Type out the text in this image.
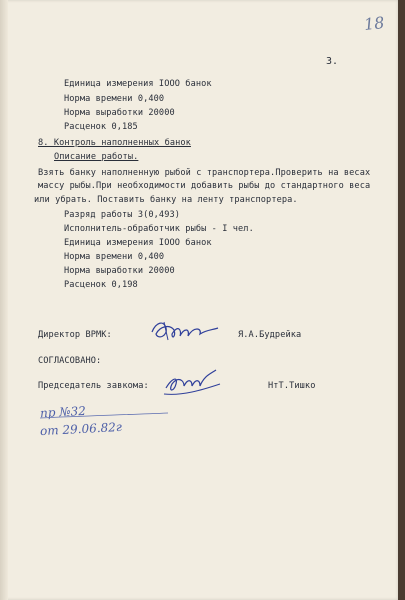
18
3.
Единица измерения IOOO банок
Норма времени 0,400
Норма выработки 20000
Расценок 0,185
8. Контроль наполненных банок
Описание работы.
Взять банку наполненную рыбой с транспортера.Проверить на весах
массу рыбы.При необходимости добавить рыбы до стандартного веса
или убрать. Поставить банку на ленту транспортера.
Разряд работы 3(0,493)
Исполнитель-обработчик рыбы - I чел.
Единица измерения IOOO банок
Норма времени 0,400
Норма выработки 20000
Расценок 0,198
Директор ВРМК:	Я.А.Будрейка
СОГЛАСОВАНО:
Председатель завкома:	НтТ.Тишко
пр №32
от 29.06.82г
